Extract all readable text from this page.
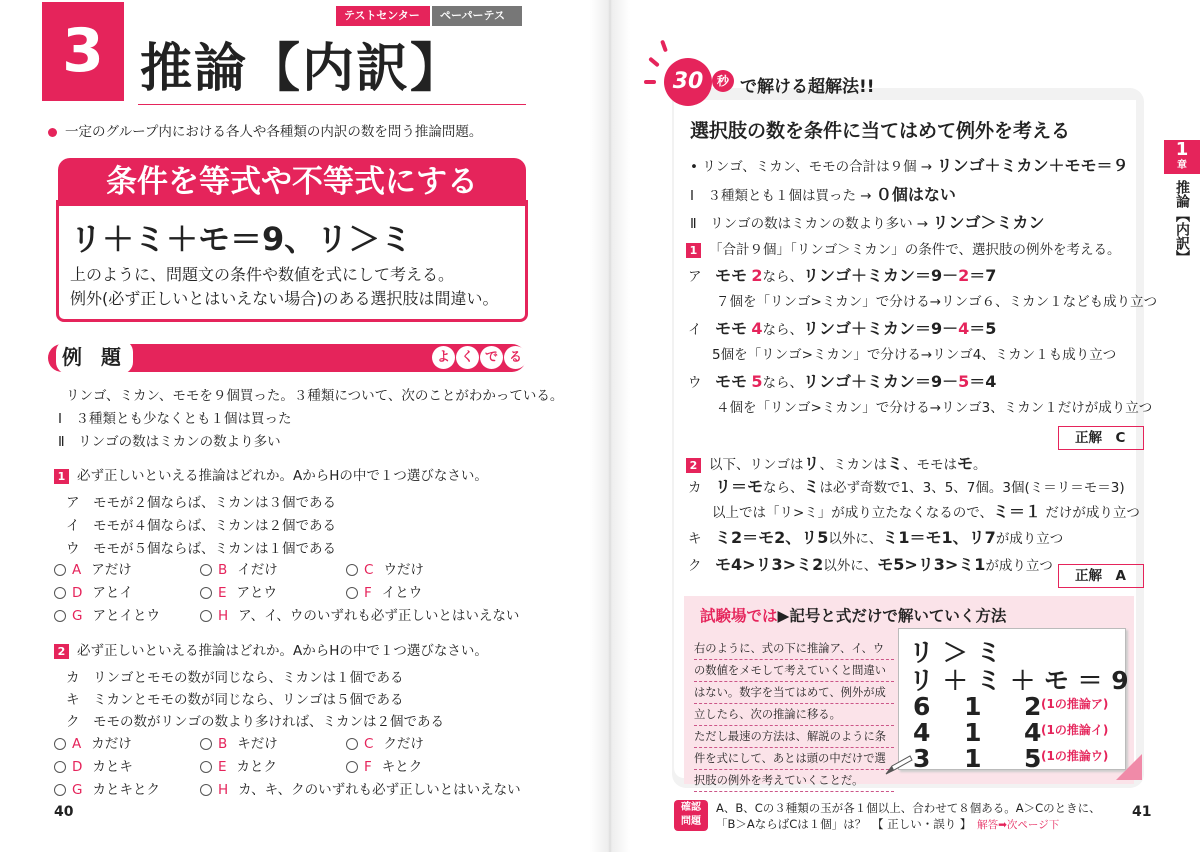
3 推論【内訳】
テストセンター ○
ペーパーテスト ○
一定のグループ内における各人や各種類の内訳の数を問う推論問題。
条件を等式や不等式にする
リ＋ミ＋モ＝9、リ＞ミ
上のように、問題文の条件や数値を式にして考える。
例外(必ず正しいとはいえない場合)のある選択肢は間違い。
例 題	よ く で る
リンゴ、ミカン、モモを９個買った。３種類について、次のことがわかっている。
Ⅰ　３種類とも少なくとも１個は買った
Ⅱ　リンゴの数はミカンの数より多い
1 必ず正しいといえる推論はどれか。AからHの中で１つ選びなさい。
ア　モモが２個ならば、ミカンは３個である
イ　モモが４個ならば、ミカンは２個である
ウ　モモが５個ならば、ミカンは１個である
A アだけ	B イだけ	C ウだけ
D アとイ	E アとウ	F イとウ
G アとイとウ	H ア、イ、ウのいずれも必ず正しいとはいえない
2 必ず正しいといえる推論はどれか。AからHの中で１つ選びなさい。
カ　リンゴとモモの数が同じなら、ミカンは１個である
キ　ミカンとモモの数が同じなら、リンゴは５個である
ク　モモの数がリンゴの数より多ければ、ミカンは２個である
A カだけ	B キだけ	C クだけ
D カとキ	E カとク	F キとク
G カとキとク	H カ、キ、クのいずれも必ず正しいとはいえない
40
30	秒 で解ける超解法!!
選択肢の数を条件に当てはめて例外を考える
• リンゴ、ミカン、モモの合計は９個 → リンゴ＋ミカン＋モモ＝９
Ⅰ　３種類とも１個は買った → ０個はない
Ⅱ　リンゴの数はミカンの数より多い → リンゴ＞ミカン
1 「合計９個」「リンゴ＞ミカン」の条件で、選択肢の例外を考える。
ア　 モモ 2なら、リンゴ＋ミカン＝9－2＝7
７個を「リンゴ>ミカン」で分ける→リンゴ６、ミカン１なども成り立つ
イ　 モモ 4なら、リンゴ＋ミカン＝9－4＝5
5個を「リンゴ>ミカン」で分ける→リンゴ4、ミカン１も成り立つ
ウ　 モモ 5なら、リンゴ＋ミカン＝9－5＝4
４個を「リンゴ>ミカン」で分ける→リンゴ3、ミカン１だけが成り立つ
正解　C
2 以下、リンゴはリ、ミカンはミ、モモはモ。
カ　 リ＝モなら、ミは必ず奇数で1、3、5、7個。3個(ミ＝リ＝モ＝3)
以上では「リ>ミ」が成り立たなくなるので、ミ＝１ だけが成り立つ
キ　 ミ2＝モ2、リ5以外に、ミ1＝モ1、リ7が成り立つ
ク　 モ4>リ3>ミ2以外に、モ5>リ3>ミ1が成り立つ
正解　A
試験場では▶記号と式だけで解いていく方法
右のように、式の下に推論ア、イ、ウ
の数値をメモして考えていくと間違い
はない。数字を当てはめて、例外が成
立したら、次の推論に移る。
ただし最速の方法は、解説のように条
件を式にして、あとは頭の中だけで選
択肢の例外を考えていくことだ。
リ ＞ ミ
リ ＋ ミ ＋ モ ＝ 9
6　 1　 2 (1の推論ア)
4　 1　 4 (1の推論イ)
3　 1　 5 (1の推論ウ)
確認
問題
A、B、Cの３種類の玉が各１個以上、合わせて８個ある。A＞Cのときに、
「B＞AならばCは１個」は？　【 正しい・誤り 】　 解答➡次ページ下
41
1
章
推論【内訳】
